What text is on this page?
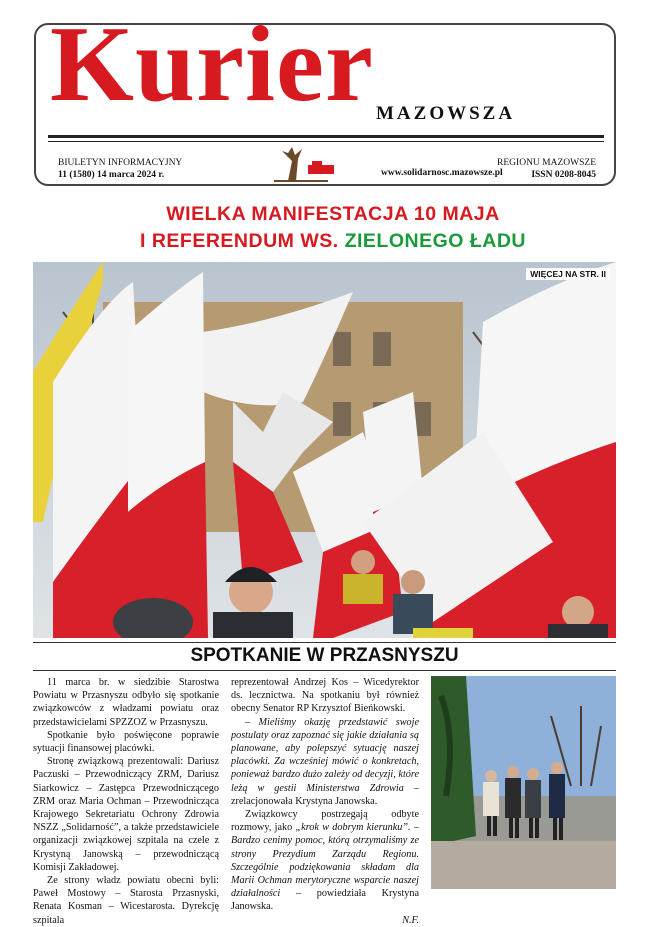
Kurier MAZOWSZA
BIULETYN INFORMACYJNY
11 (1580) 14 marca 2024 r.	www.solidarnosc.mazowsze.pl
REGIONU MAZOWSZE
ISSN 0208-8045
WIELKA MANIFESTACJA 10 MAJA
I REFERENDUM WS. ZIELONEGO ŁADU
WIĘCEJ NA STR. II
SPOTKANIE W PRZASNYSZU

11 marca br. w siedzibie Starostwa Powiatu w Przasnyszu odbyło się spotkanie związkowców z władzami powiatu oraz przedstawicielami SPZZOZ w Przasnyszu.

Spotkanie było poświęcone poprawie sytuacji finansowej placówki.

Stronę związkową prezentowali: Dariusz Paczuski – Przewodniczący ZRM, Dariusz Siarkowicz – Zastępca Przewodniczącego ZRM oraz Maria Ochman – Przewodnicząca Krajowego Sekretariatu Ochrony Zdrowia NSZZ „Solidarność”, a także przedstawiciele organizacji związkowej szpitala na czele z Krystyną Janowską – przewodniczącą Komisji Zakładowej.

Ze strony władz powiatu obecni byli: Paweł Mostowy – Starosta Przasnyski, Renata Kosman – Wicestarosta. Dyrekcję szpitala

reprezentował Andrzej Kos – Wicedyrektor ds. lecznictwa. Na spotkaniu był również obecny Senator RP Krzysztof Bieńkowski.

– Mieliśmy okazję przedstawić swoje postulaty oraz zapoznać się jakie działania są planowane, aby polepszyć sytuację naszej placówki. Za wcześniej mówić o konkretach, ponieważ bardzo dużo zależy od decyzji, które leżą w gestii Ministerstwa Zdrowia – zrelacjonowała Krystyna Janowska.

Związkowcy postrzegają odbyte rozmowy, jako „krok w dobrym kierunku”. – Bardzo cenimy pomoc, którą otrzymaliśmy ze strony Prezydium Zarządu Regionu. Szczególnie podziękowania składam dla Marii Ochman merytoryczne wsparcie naszej działalności – powiedziała Krystyna Janowska.

N.F.
